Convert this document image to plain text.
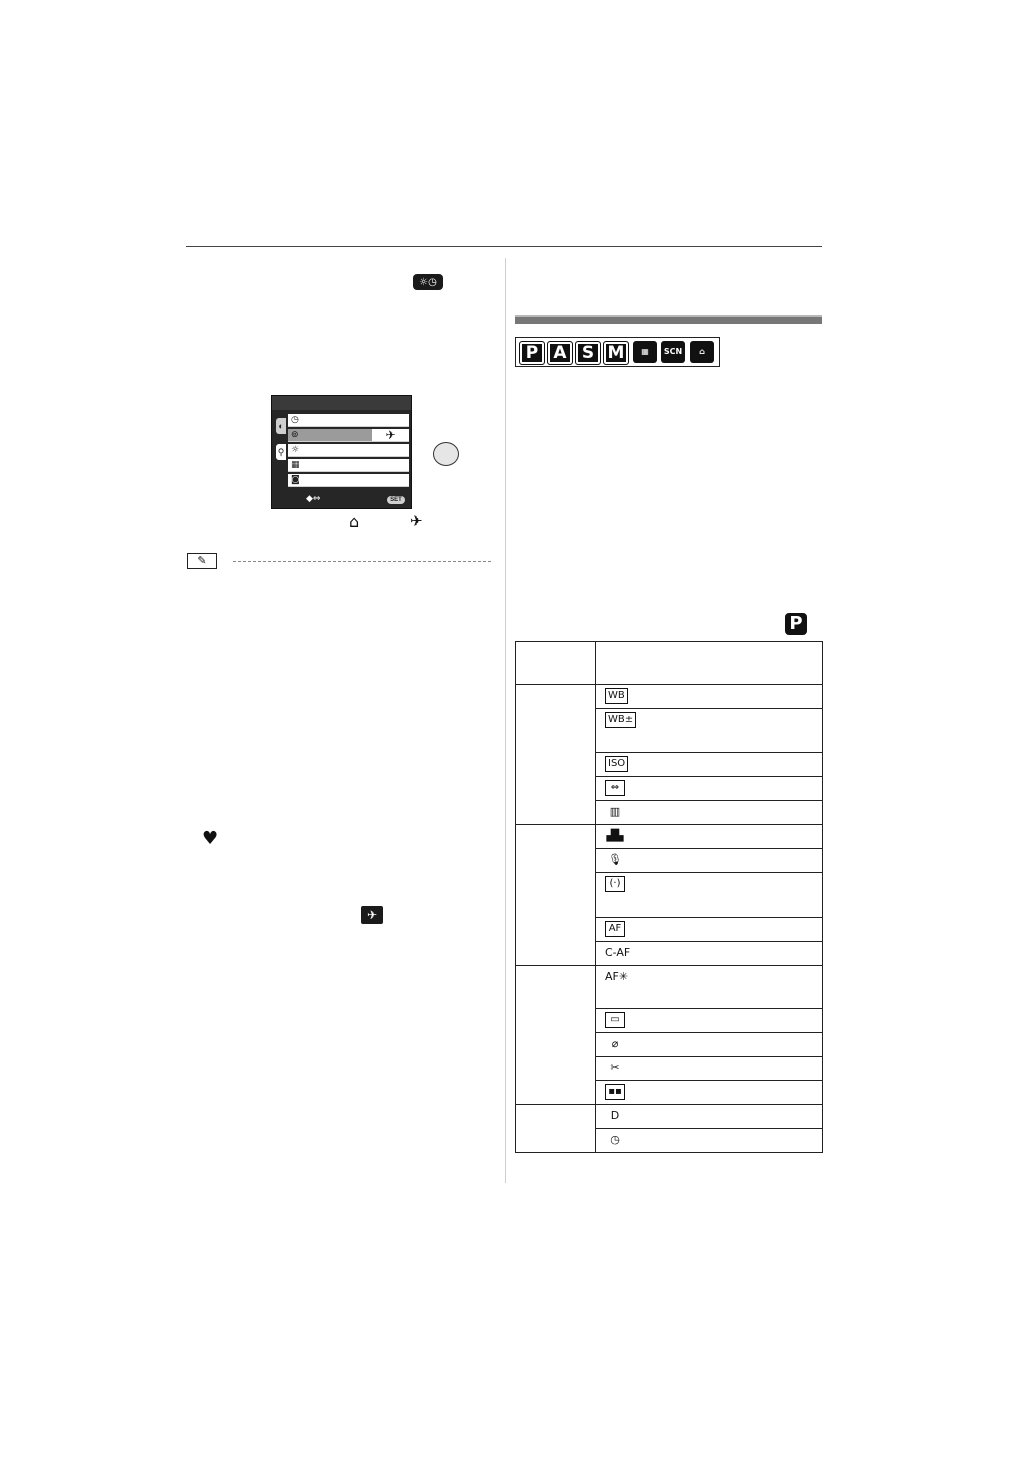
☼◷
◐
⚲
◷
⊚	✈
☼
▦
◙
◆⇔	SET
⌂	✈
✎
♥
✈
P A S M	▦	SCN	⌂
P
WB
WB±
ISO
⇔
▥
▟▙
🎙
(·)
AF
C-AF
AF✳
▭
⌀
✂
▪▪
D
◷
